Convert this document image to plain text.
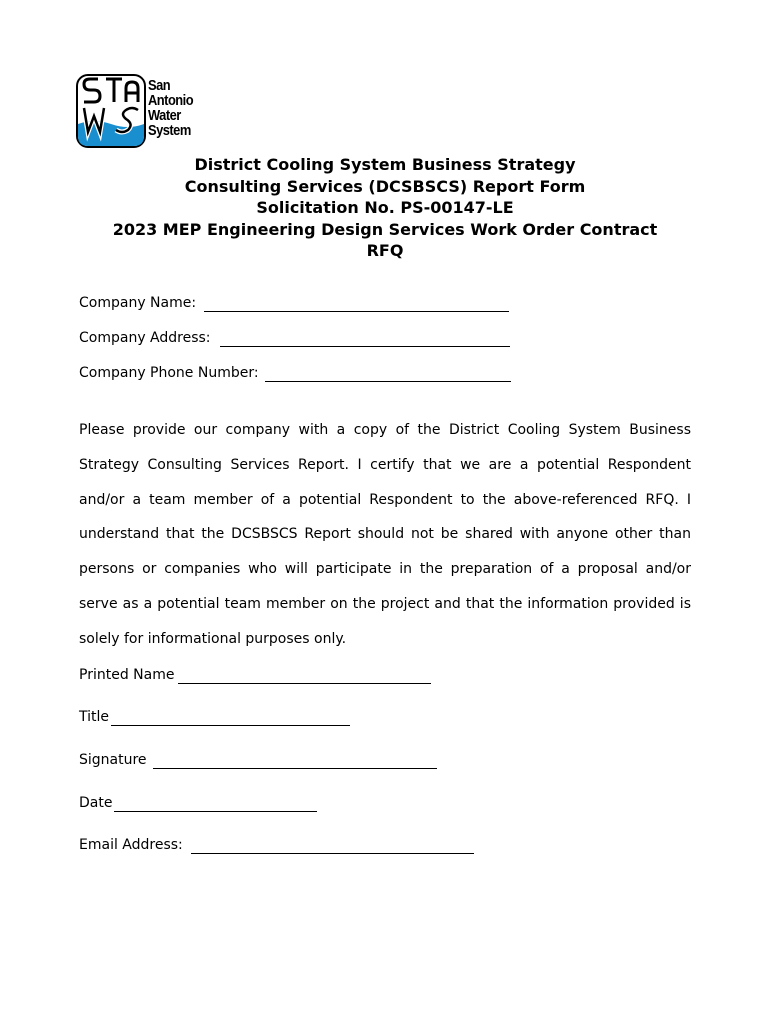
San
Antonio
Water
System

District Cooling System Business Strategy
Consulting Services (DCSBSCS) Report Form
Solicitation No. PS-00147-LE
2023 MEP Engineering Design Services Work Order Contract
RFQ
Company Name:
Company Address:
Company Phone Number:

Please provide our company with a copy of the District Cooling System Business Strategy Consulting Services Report. I certify that we are a potential Respondent and/or a team member of a potential Respondent to the above-referenced RFQ. I understand that the DCSBSCS Report should not be shared with anyone other than persons or companies who will participate in the preparation of a proposal and/or serve as a potential team member on the project and that the information provided is solely for informational purposes only.

Printed Name
Title
Signature
Date
Email Address:
